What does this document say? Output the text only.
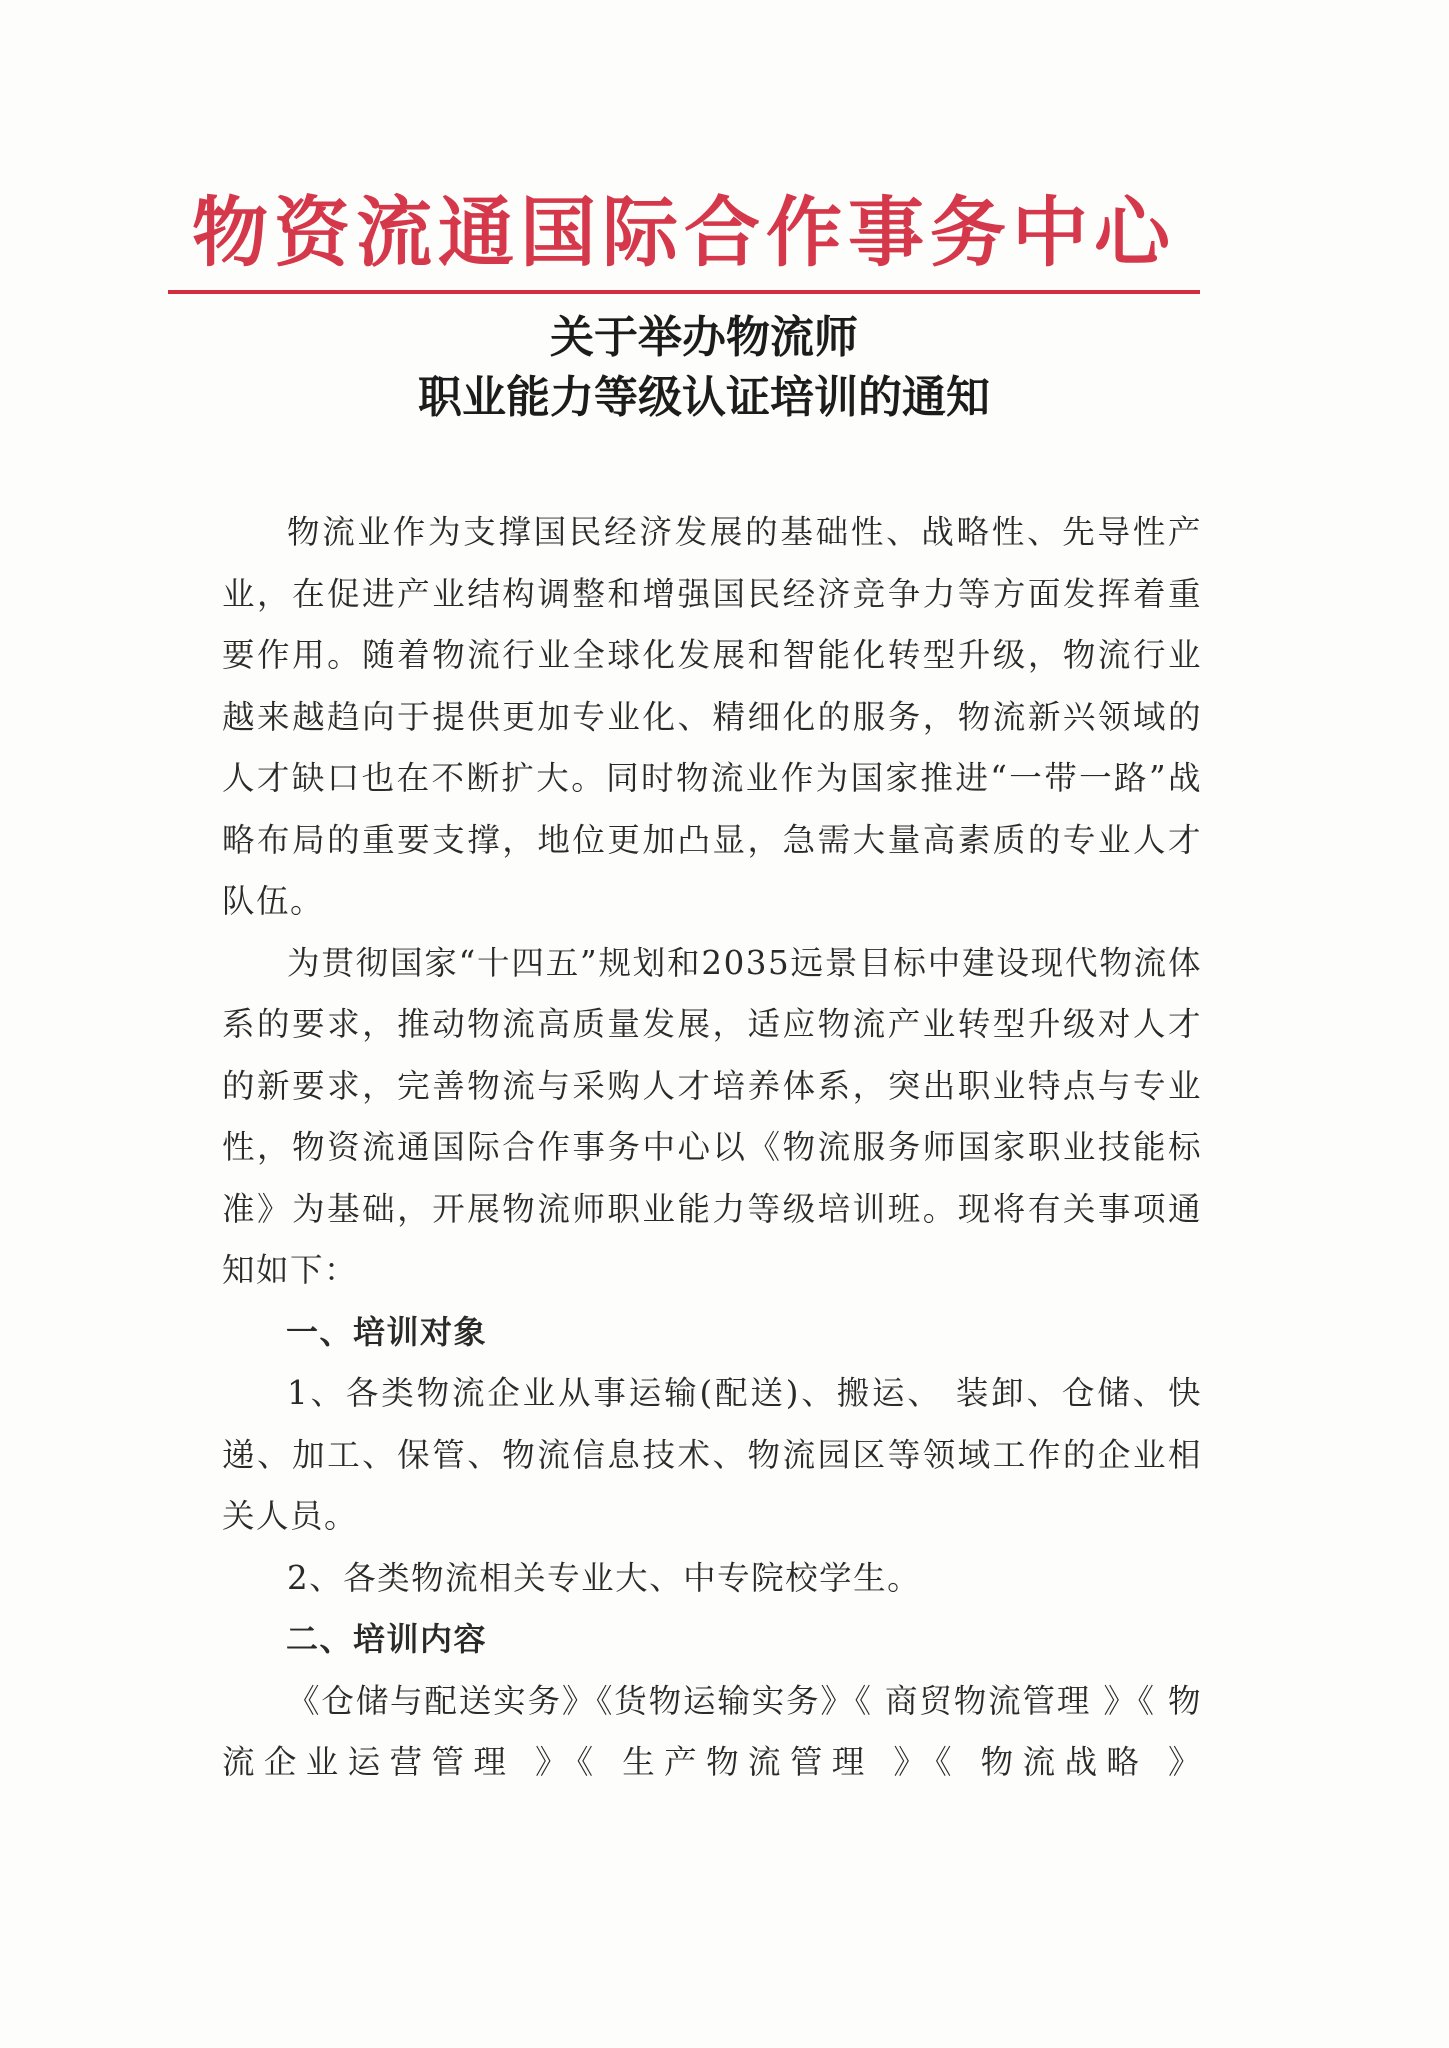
物资流通国际合作事务中心
关于举办物流师
职业能力等级认证培训的通知

物流业作为支撑国民经济发展的基础性、战略性、先导性产业，在促进产业结构调整和增强国民经济竞争力等方面发挥着重要作用。随着物流行业全球化发展和智能化转型升级，物流行业越来越趋向于提供更加专业化、精细化的服务，物流新兴领域的人才缺口也在不断扩大。同时物流业作为国家推进“一带一路”战略布局的重要支撑，地位更加凸显，急需大量高素质的专业人才队伍。

为贯彻国家“十四五”规划和2035远景目标中建设现代物流体系的要求，推动物流高质量发展，适应物流产业转型升级对人才的新要求，完善物流与采购人才培养体系，突出职业特点与专业性，物资流通国际合作事务中心以《物流服务师国家职业技能标准》为基础，开展物流师职业能力等级培训班。现将有关事项通知如下：

一、培训对象

1、各类物流企业从事运输(配送)、搬运、 装卸、仓储、快递、加工、保管、物流信息技术、物流园区等领域工作的企业相关人员。

2、各类物流相关专业大、中专院校学生。

二、培训内容

《仓储与配送实务》《货物运输实务》《 商贸物流管理 》《 物流企业运营管理 》《 生产物流管理 》《 物流战略 》
